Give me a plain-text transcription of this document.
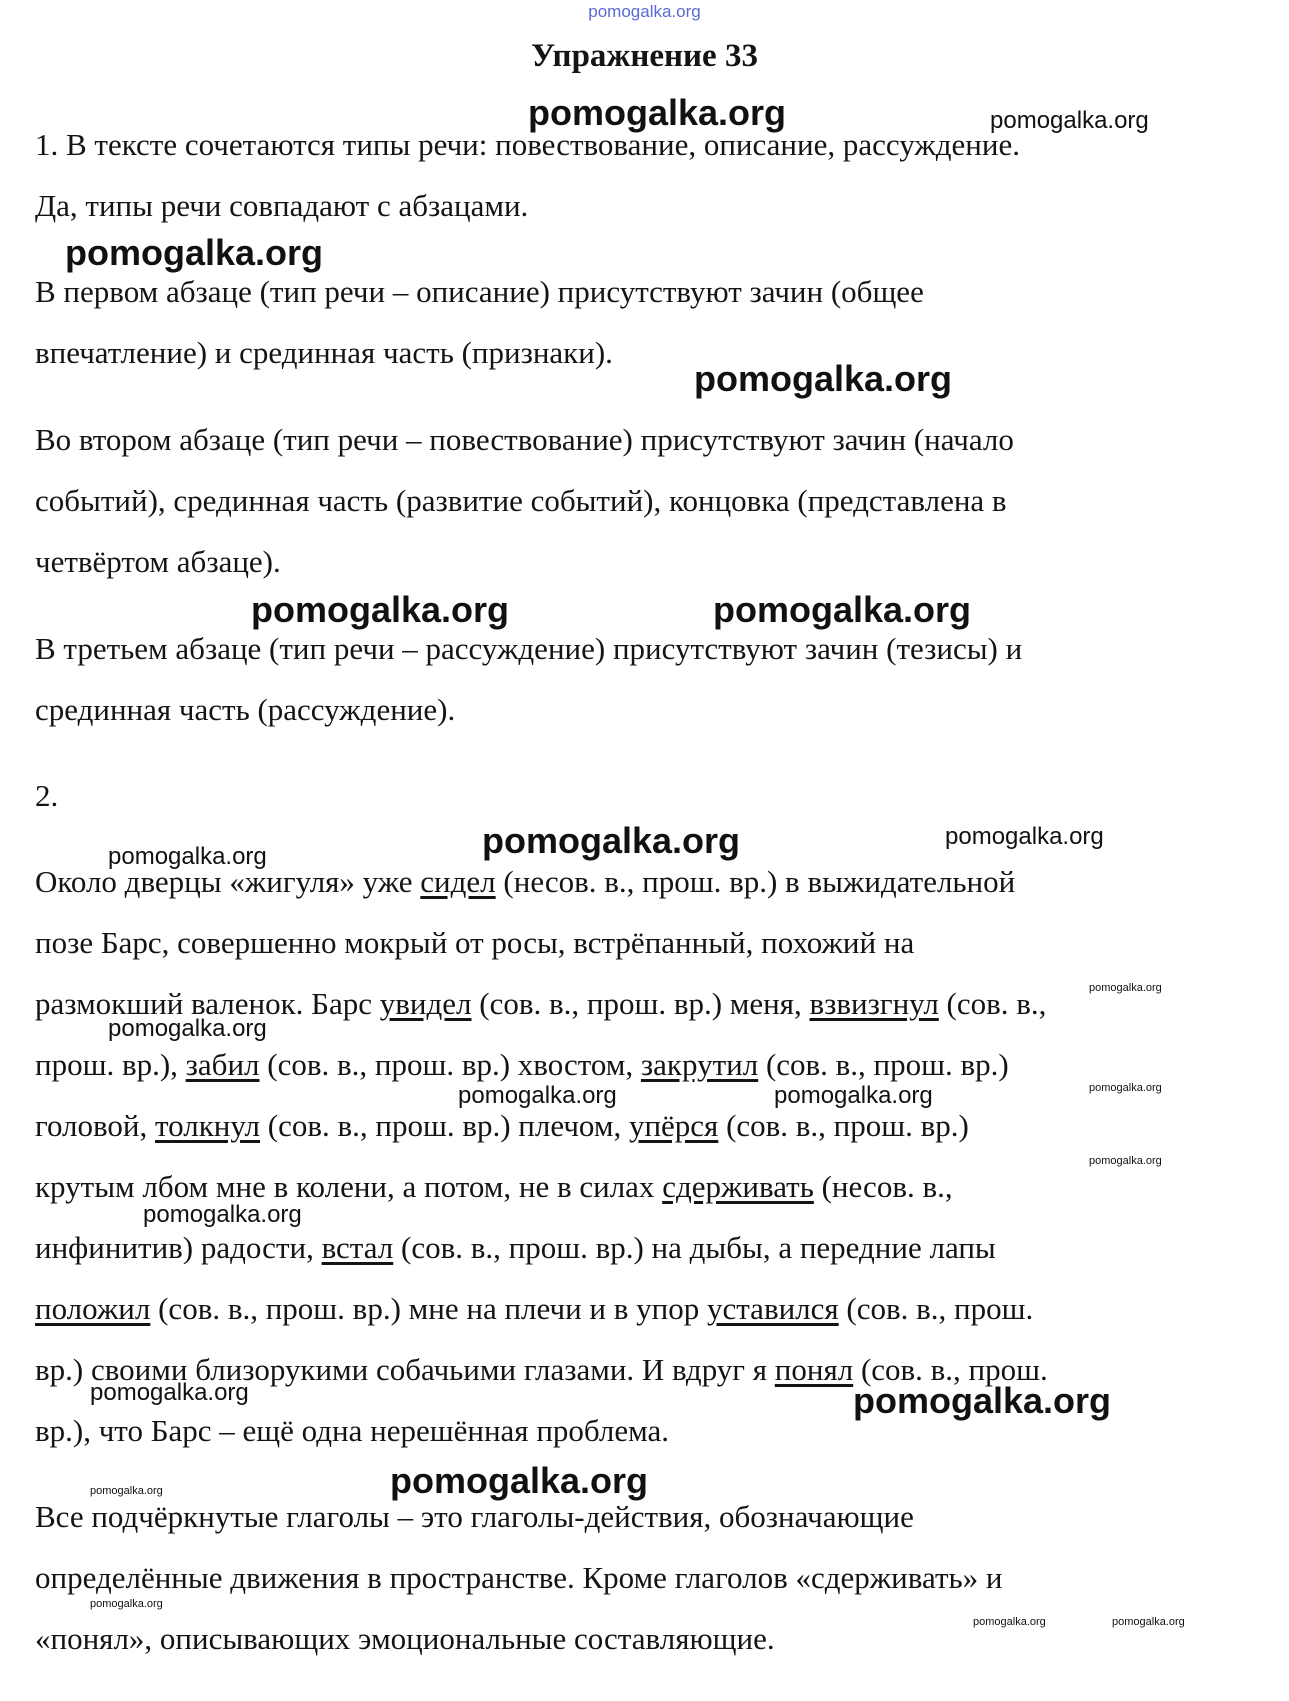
pomogalka.org
Упражнение 33
pomogalka.org	pomogalka.org
pomogalka.org
pomogalka.org
pomogalka.org	pomogalka.org
pomogalka.org
pomogalka.org
pomogalka.org
pomogalka.org
pomogalka.org
pomogalka.org	pomogalka.org	pomogalka.org
pomogalka.org
pomogalka.org
pomogalka.org	pomogalka.org
pomogalka.org
pomogalka.org
pomogalka.org
pomogalka.org	pomogalka.org
1. В тексте сочетаются типы речи: повествование, описание, рассуждение.
Да, типы речи совпадают с абзацами.
В первом абзаце (тип речи – описание) присутствуют зачин (общее
впечатление) и срединная часть (признаки).
Во втором абзаце (тип речи – повествование) присутствуют зачин (начало
событий), срединная часть (развитие событий), концовка (представлена в
четвёртом абзаце).
В третьем абзаце (тип речи – рассуждение) присутствуют зачин (тезисы) и
срединная часть (рассуждение).
2.
Около дверцы «жигуля» уже сидел (несов. в., прош. вр.) в выжидательной
позе Барс, совершенно мокрый от росы, встрёпанный, похожий на
размокший валенок. Барс увидел (сов. в., прош. вр.) меня, взвизгнул (сов. в.,
прош. вр.), забил (сов. в., прош. вр.) хвостом, закрутил (сов. в., прош. вр.)
головой, толкнул (сов. в., прош. вр.) плечом, упёрся (сов. в., прош. вр.)
крутым лбом мне в колени, а потом, не в силах сдерживать (несов. в.,
инфинитив) радости, встал (сов. в., прош. вр.) на дыбы, а передние лапы
положил (сов. в., прош. вр.) мне на плечи и в упор уставился (сов. в., прош.
вр.) своими близорукими собачьими глазами. И вдруг я понял (сов. в., прош.
вр.), что Барс – ещё одна нерешённая проблема.
Все подчёркнутые глаголы – это глаголы-действия, обозначающие
определённые движения в пространстве. Кроме глаголов «сдерживать» и
«понял», описывающих эмоциональные составляющие.
